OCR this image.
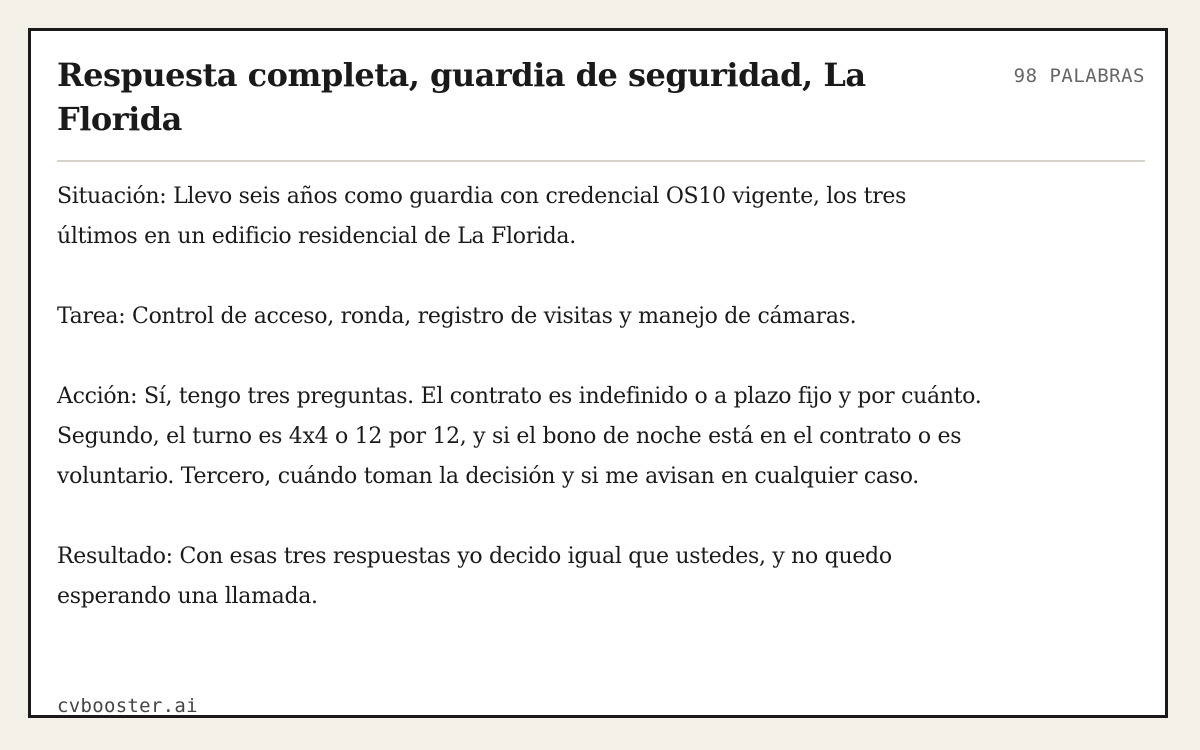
Respuesta completa, guardia de seguridad, La Florida
98 PALABRAS

Situación: Llevo seis años como guardia con credencial OS10 vigente, los tres últimos en un edificio residencial de La Florida.

Tarea: Control de acceso, ronda, registro de visitas y manejo de cámaras.

Acción: Sí, tengo tres preguntas. El contrato es indefinido o a plazo fijo y por cuánto. Segundo, el turno es 4x4 o 12 por 12, y si el bono de noche está en el contrato o es voluntario. Tercero, cuándo toman la decisión y si me avisan en cualquier caso.

Resultado: Con esas tres respuestas yo decido igual que ustedes, y no quedo esperando una llamada.

cvbooster.ai
